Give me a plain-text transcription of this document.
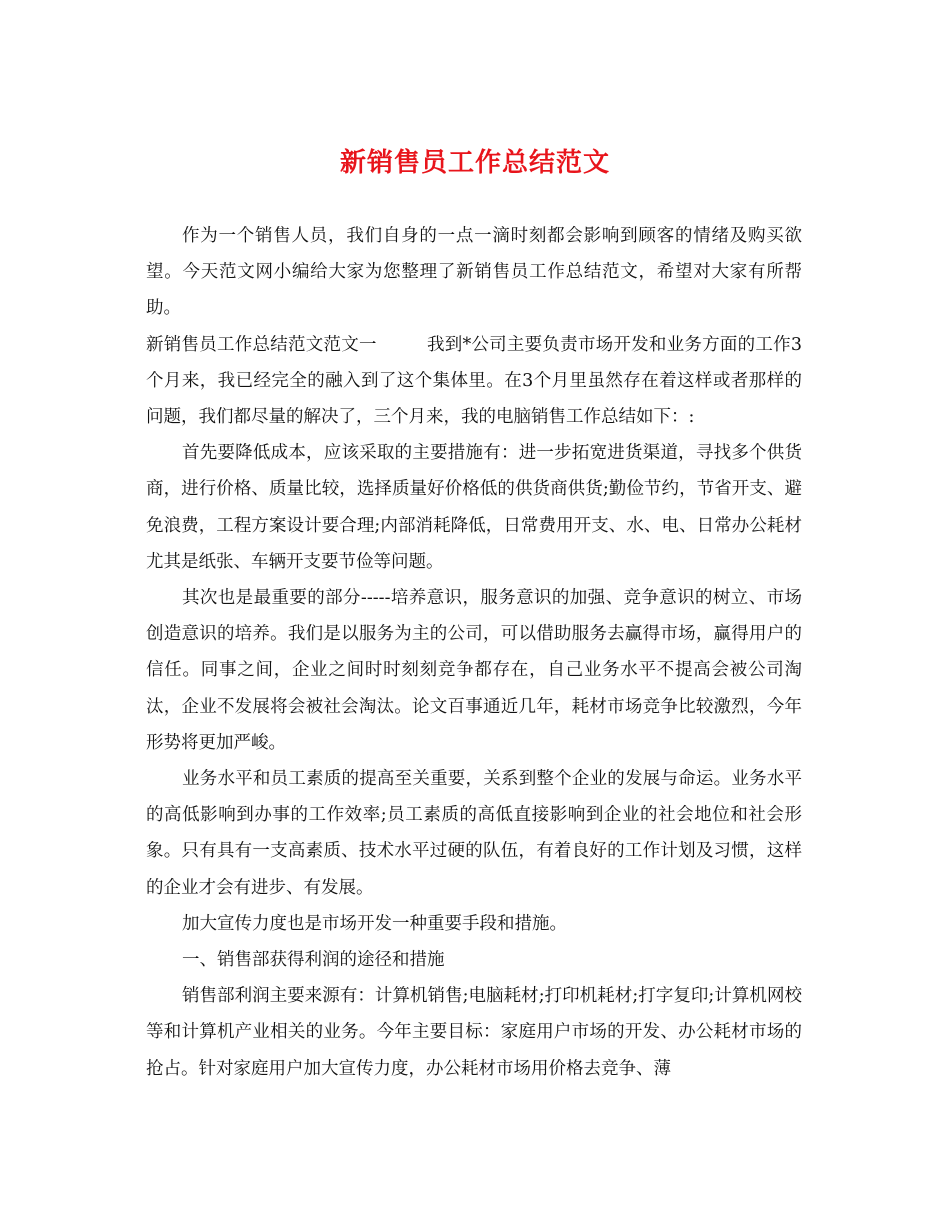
新销售员工作总结范文

作为一个销售人员，我们自身的一点一滴时刻都会影响到顾客的情绪及购买欲望。今天范文网小编给大家为您整理了新销售员工作总结范文，希望对大家有所帮助。

新销售员工作总结范文范文一	我到*公司主要负责市场开发和业务方面的工作3个月来，我已经完全的融入到了这个集体里。在3个月里虽然存在着这样或者那样的问题，我们都尽量的解决了，三个月来，我的电脑销售工作总结如下：:

首先要降低成本，应该采取的主要措施有：进一步拓宽进货渠道，寻找多个供货商，进行价格、质量比较，选择质量好价格低的供货商供货;勤俭节约，节省开支、避免浪费，工程方案设计要合理;内部消耗降低，日常费用开支、水、电、日常办公耗材尤其是纸张、车辆开支要节俭等问题。

其次也是最重要的部分-----培养意识，服务意识的加强、竞争意识的树立、市场创造意识的培养。我们是以服务为主的公司，可以借助服务去赢得市场，赢得用户的信任。同事之间，企业之间时时刻刻竞争都存在，自己业务水平不提高会被公司淘汰，企业不发展将会被社会淘汰。论文百事通近几年，耗材市场竞争比较激烈，今年形势将更加严峻。

业务水平和员工素质的提高至关重要，关系到整个企业的发展与命运。业务水平的高低影响到办事的工作效率;员工素质的高低直接影响到企业的社会地位和社会形象。只有具有一支高素质、技术水平过硬的队伍，有着良好的工作计划及习惯，这样的企业才会有进步、有发展。

加大宣传力度也是市场开发一种重要手段和措施。

一、销售部获得利润的途径和措施

销售部利润主要来源有：计算机销售;电脑耗材;打印机耗材;打字复印;计算机网校等和计算机产业相关的业务。今年主要目标：家庭用户市场的开发、办公耗材市场的抢占。针对家庭用户加大宣传力度，办公耗材市场用价格去竞争、薄
